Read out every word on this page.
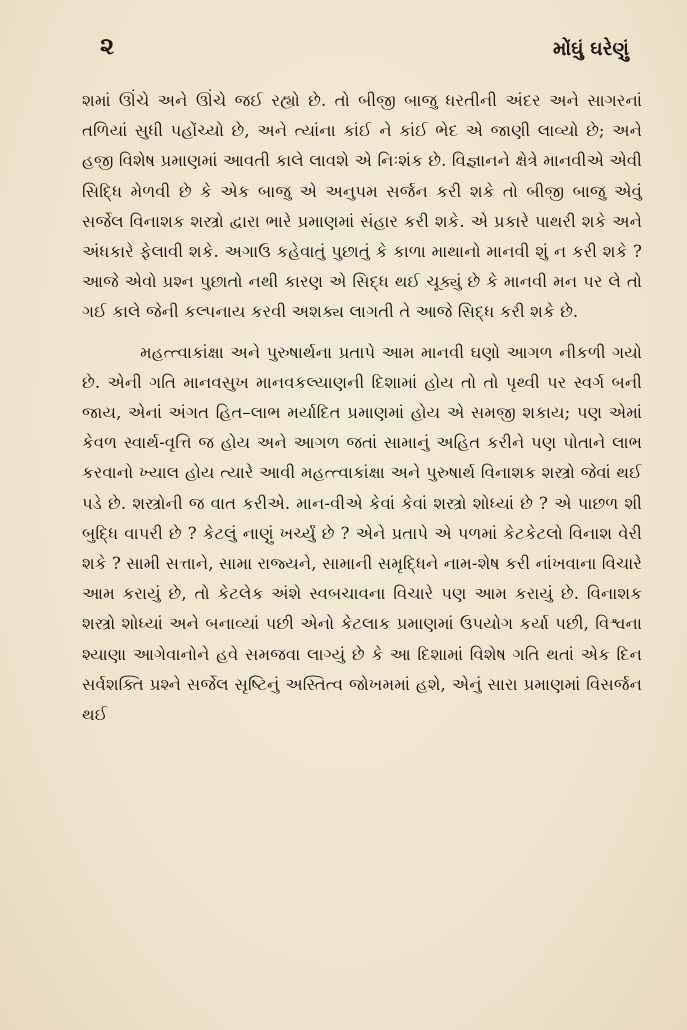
૨	મોંઘું ઘરેણું

શમાં ઊંચે અને ઊંચે જઈ રહ્યો છે. તો બીજી બાજુ ધરતીની અંદર અને સાગરનાં તળિયાં સુધી પહોંચ્યો છે, અને ત્યાંના કાંઈ ને કાંઈ ભેદ એ જાણી લાવ્યો છે; અને હજી વિશેષ પ્રમાણમાં આવતી કાલે લાવશે એ નિઃશંક છે. વિજ્ઞાનને ક્ષેત્રે માનવીએ એવી સિદ્ધિ મેળવી છે કે એક બાજુ એ અનુપમ સર્જન કરી શકે તો બીજી બાજુ એવું સર્જેલ વિનાશક શસ્ત્રો દ્વારા ભારે પ્રમાણમાં સંહાર કરી શકે. એ પ્રકારે પાથરી શકે અને અંધકારે ફેલાવી શકે. અગાઉ કહેવાતું પુછાતું કે કાળા માથાનો માનવી શું ન કરી શકે ? આજે એવો પ્રશ્ન પુછાતો નથી કારણ એ સિદ્ધ થઈ ચૂક્યું છે કે માનવી મન પર લે તો ગઈ કાલે જેની કલ્પનાય કરવી અશક્ય લાગતી તે આજે સિદ્ધ કરી શકે છે.

મહત્ત્વાકાંક્ષા અને પુરુષાર્થના પ્રતાપે આમ માનવી ઘણો આગળ નીકળી ગયો છે. એની ગતિ માનવસુખ માનવકલ્યાણની દિશામાં હોય તો તો પૃથ્વી પર સ્વર્ગ બની જાય, એનાં અંગત હિત–લાભ મર્યાદિત પ્રમાણમાં હોય એ સમજી શકાય; પણ એમાં કેવળ સ્વાર્થ-વૃત્તિ જ હોય અને આગળ જતાં સામાનું અહિત કરીને પણ પોતાને લાભ કરવાનો ખ્યાલ હોય ત્યારે આવી મહત્ત્વાકાંક્ષા અને પુરુષાર્થ વિનાશક શસ્ત્રો જેવાં થઈ પડે છે. શસ્ત્રોની જ વાત કરીએ. માન-વીએ કેવાં કેવાં શસ્ત્રો શોધ્યાં છે ? એ પાછળ શી બુદ્ધિ વાપરી છે ? કેટલું નાણું ખર્ચ્યું છે ? એને પ્રતાપે એ પળમાં કેટકેટલો વિનાશ વેરી શકે ? સામી સત્તાને, સામા રાજ્યને, સામાની સમૃદ્ધિને નામ-શેષ કરી નાંખવાના વિચારે આમ કરાયું છે, તો કેટલેક અંશે સ્વબચાવના વિચારે પણ આમ કરાયું છે. વિનાશક શસ્ત્રો શોધ્યાં અને બનાવ્યાં પછી એનો કેટલાક પ્રમાણમાં ઉપયોગ કર્યા પછી, વિશ્વના શ્યાણા આગેવાનોને હવે સમજવા લાગ્યું છે કે આ દિશામાં વિશેષ ગતિ થતાં એક દિન સર્વશક્તિ પ્રશ્ને સર્જેલ સૃષ્ટિનું અસ્તિત્વ જોખમમાં હશે, એનું સારા પ્રમાણમાં વિસર્જન થઈ
